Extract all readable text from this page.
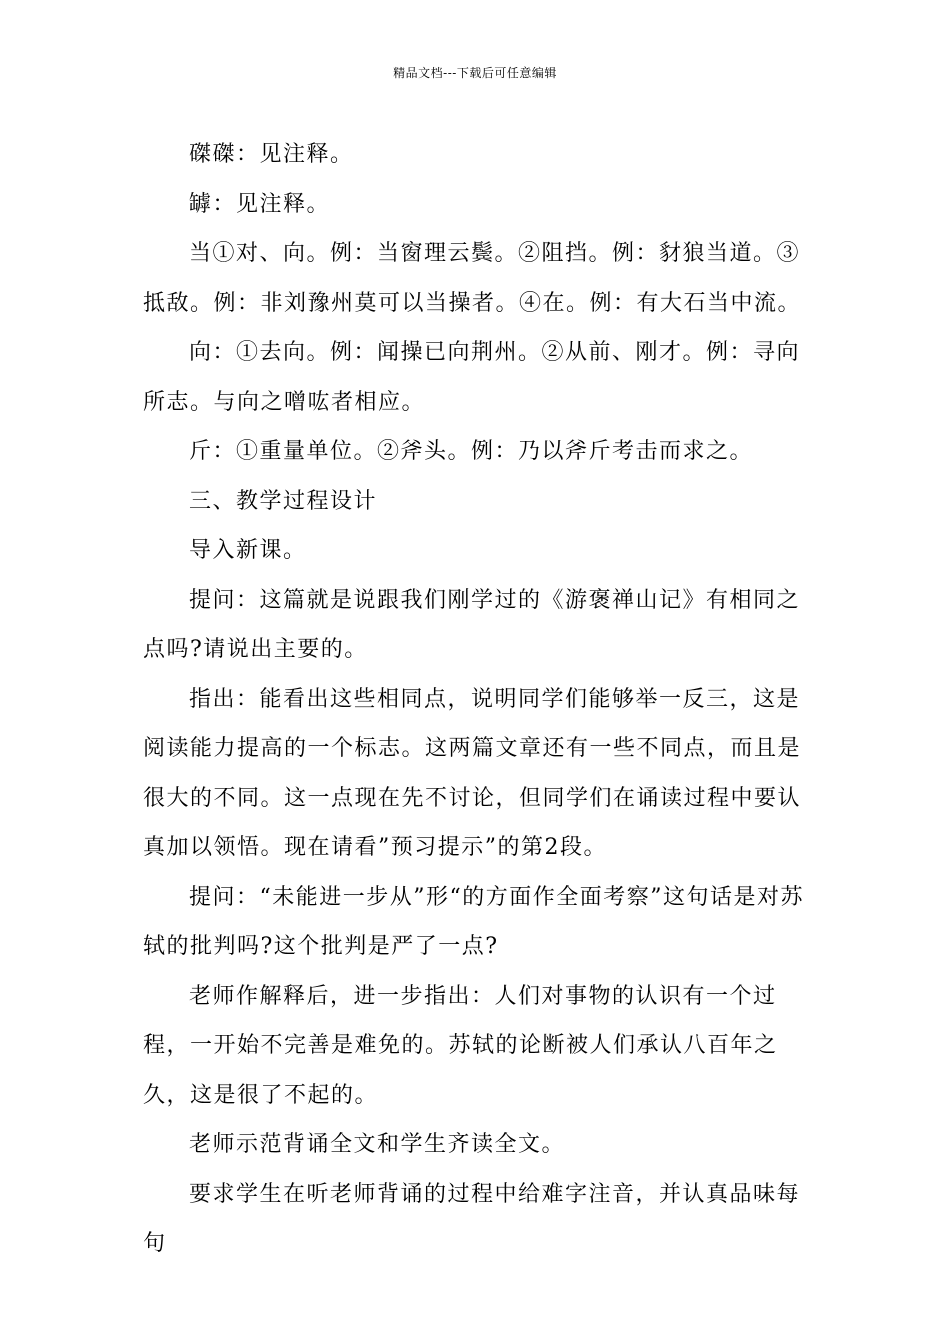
精品文档---下载后可任意编辑

磔磔：见注释。

罅：见注释。

当①对、向。例：当窗理云鬓。②阻挡。例：豺狼当道。③抵敌。例：非刘豫州莫可以当操者。④在。例：有大石当中流。

向：①去向。例：闻操已向荆州。②从前、刚才。例：寻向所志。与向之噌吰者相应。

斤：①重量单位。②斧头。例：乃以斧斤考击而求之。

三、教学过程设计

导入新课。

提问：这篇就是说跟我们刚学过的《游褒禅山记》有相同之点吗?请说出主要的。

指出：能看出这些相同点，说明同学们能够举一反三，这是阅读能力提高的一个标志。这两篇文章还有一些不同点，而且是很大的不同。这一点现在先不讨论，但同学们在诵读过程中要认真加以领悟。现在请看”预习提示”的第2段。

提问：“未能进一步从”形“的方面作全面考察”这句话是对苏轼的批判吗?这个批判是严了一点?

老师作解释后，进一步指出：人们对事物的认识有一个过程，一开始不完善是难免的。苏轼的论断被人们承认八百年之久，这是很了不起的。

老师示范背诵全文和学生齐读全文。

要求学生在听老师背诵的过程中给难字注音，并认真品味每句
